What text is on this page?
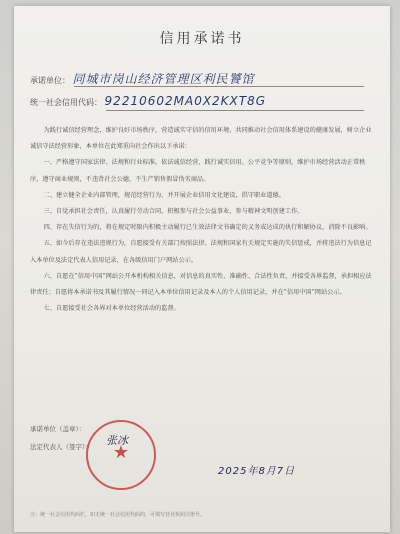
信用承诺书
承诺单位： 同城市岗山经济管理区利民饕馆
统一社会信用代码： 92210602MA0X2KXT8G

为践行诚信经营理念，维护良好市场秩序，营造诚实守信的信用环境，共同推动社会信用体系建设的健康发展，树立企业诚信守法经营形象，本单位在此郑重向社会作出以下承诺：

一、严格遵守国家法律、法规和行业标准，依法诚信经营，践行诚实信用、公平竞争等原则，维护市场经营活动正常秩序，遵守商业规则，不违背社会公德，不生产销售假冒伪劣商品。

二、建立健全企业内部管理，规范经营行为，并开展企业信用文化建设，倡守职业道德。

三、自觉承担社会责任，认真履行劳动合同，积极参与社会公益事业，参与精神文明创建工作。

四、存在失信行为的，将在规定时限内积极主动履行已生效法律文书确定的义务或达成的执行和解协议，消除不良影响。

五、如今后存在违法违规行为，自愿接受有关部门按照法律、法规和国家有关规定实施的失信惩戒，并将违法行为信息记入本单位及法定代表人信用记录，在各级信用门户网站公示。

六、自愿在“信用中国”网站公开本机构相关信息，对信息的真实性、准确性、合法性负责，并接受各界监督，承担相应法律责任；自愿将本承诺书及其履行情况一同记入本单位信用记录及本人的个人信用记录，并在“信用中国”网站公示。

七、自愿接受社会各界对本单位经营活动的监督。

承诺单位（盖章）：
法定代表人（签字）： 张冰
★
2025年8月7日
注：统一社会信用代码栏，如无统一社会信用代码的，可填写营业执照注册号。
